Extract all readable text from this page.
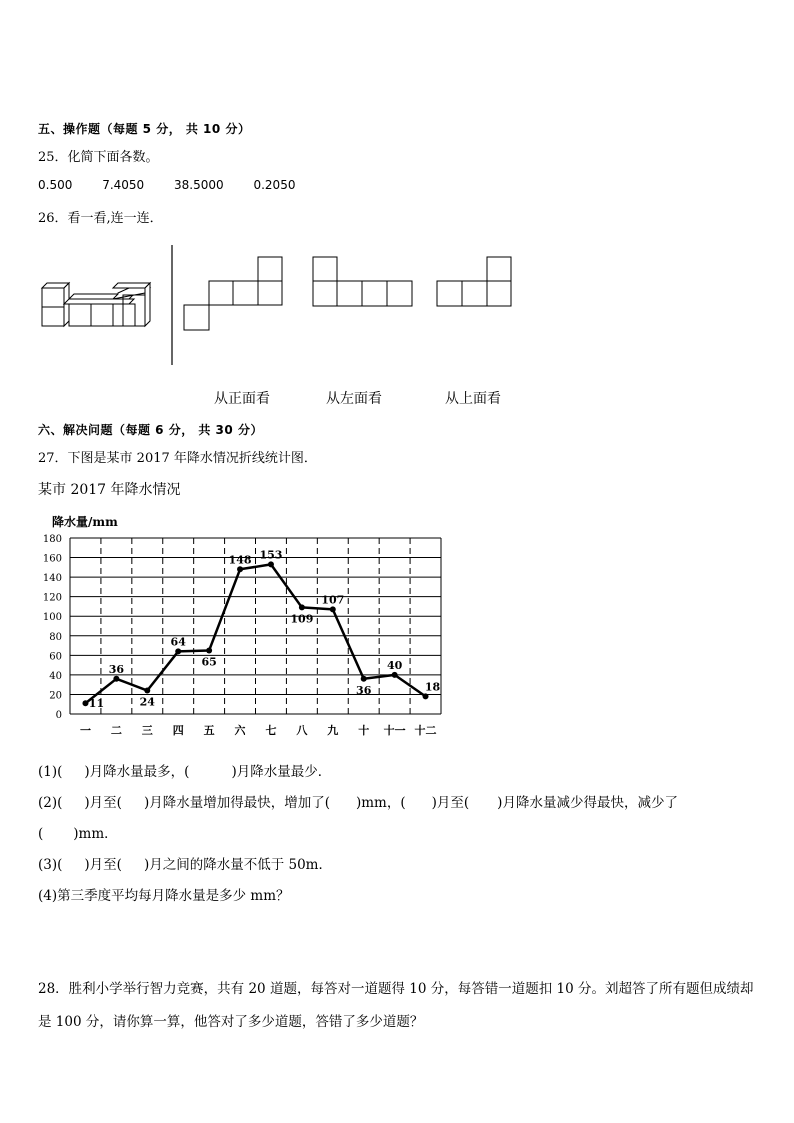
五、操作题（每题 5 分， 共 10 分）
25．化简下面各数。
0.500 7.4050 38.5000 0.2050
26．看一看,连一连．
从正面看	从左面看	从上面看
六、解决问题（每题 6 分， 共 30 分）
27．下图是某市 2017 年降水情况折线统计图．
某市 2017 年降水情况
降水量/mm
0
20
40
60
80
100
120
140
160
180
一 二 三 四 五 六 七 八 九 十 十一 十二
11
36
24
64
65
148 153
109
107
36
40
18
(1)( )月降水量最多，(	)月降水量最少．
(2)( )月至( )月降水量增加得最快，增加了( )mm，( )月至( )月降水量减少得最快，减少了
( )mm．
(3)( )月至( )月之间的降水量不低于 50m．
(4)第三季度平均每月降水量是多少 mm？
28．胜利小学举行智力竞赛，共有 20 道题，每答对一道题得 10 分，每答错一道题扣 10 分。刘超答了所有题但成绩却
是 100 分，请你算一算，他答对了多少道题，答错了多少道题？
